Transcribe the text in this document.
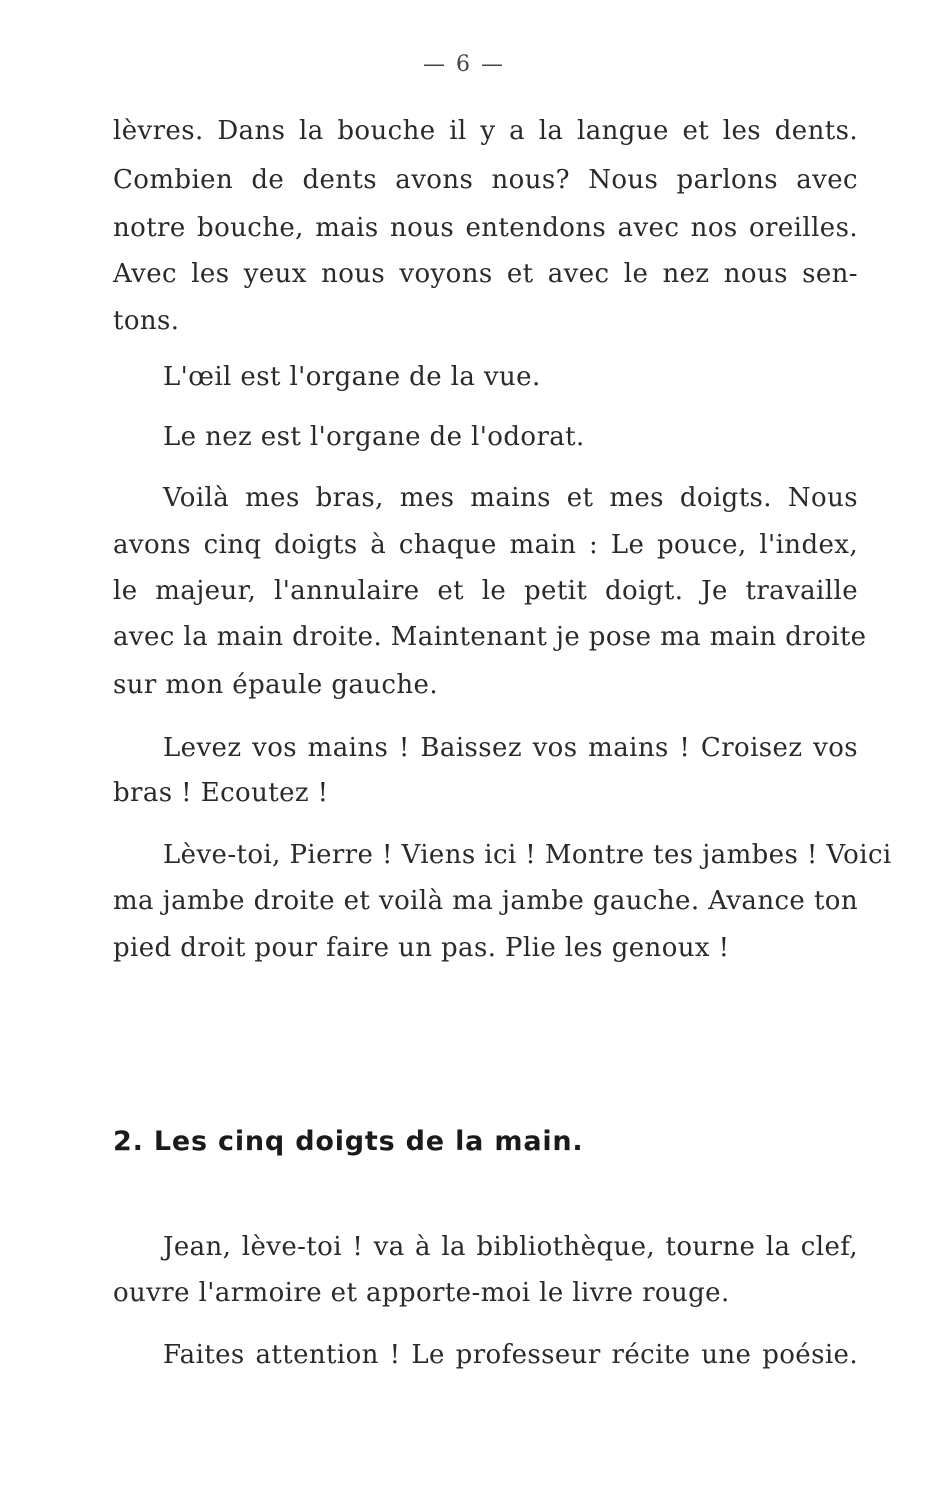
— 6 —
lèvres. Dans la bouche il y a la langue et les dents.
Combien de dents avons nous? Nous parlons avec
notre bouche, mais nous entendons avec nos oreilles.
Avec les yeux nous voyons et avec le nez nous sen-
tons.
L'œil est l'organe de la vue.
Le nez est l'organe de l'odorat.
Voilà mes bras, mes mains et mes doigts. Nous
avons cinq doigts à chaque main : Le pouce, l'index,
le majeur, l'annulaire et le petit doigt. Je travaille
avec la main droite. Maintenant je pose ma main droite
sur mon épaule gauche.
Levez vos mains ! Baissez vos mains ! Croisez vos
bras ! Ecoutez !
Lève-toi, Pierre ! Viens ici ! Montre tes jambes ! Voici
ma jambe droite et voilà ma jambe gauche. Avance ton
pied droit pour faire un pas. Plie les genoux !
2. Les cinq doigts de la main.
Jean, lève-toi ! va à la bibliothèque, tourne la clef,
ouvre l'armoire et apporte-moi le livre rouge.
Faites attention ! Le professeur récite une poésie.
